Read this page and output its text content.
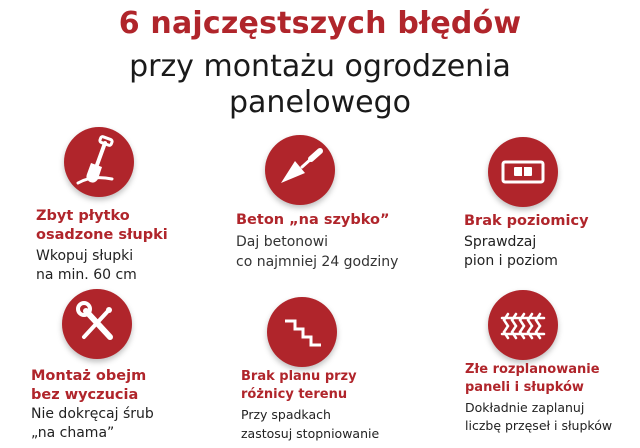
6 najczęstszych błędów
przy montażu ogrodzenia
panelowego
Zbyt płytko
osadzone słupki
Wkopuj słupki
na min. 60 cm
Beton „na szybko”
Daj betonowi
co najmniej 24 godziny
Brak poziomicy
Sprawdzaj
pion i poziom
Montaż obejm
bez wyczucia
Nie dokręcaj śrub
„na chama”
Brak planu przy
różnicy terenu
Przy spadkach
zastosuj stopniowanie
Złe rozplanowanie
paneli i słupków
Dokładnie zaplanuj
liczbę przęseł i słupków
